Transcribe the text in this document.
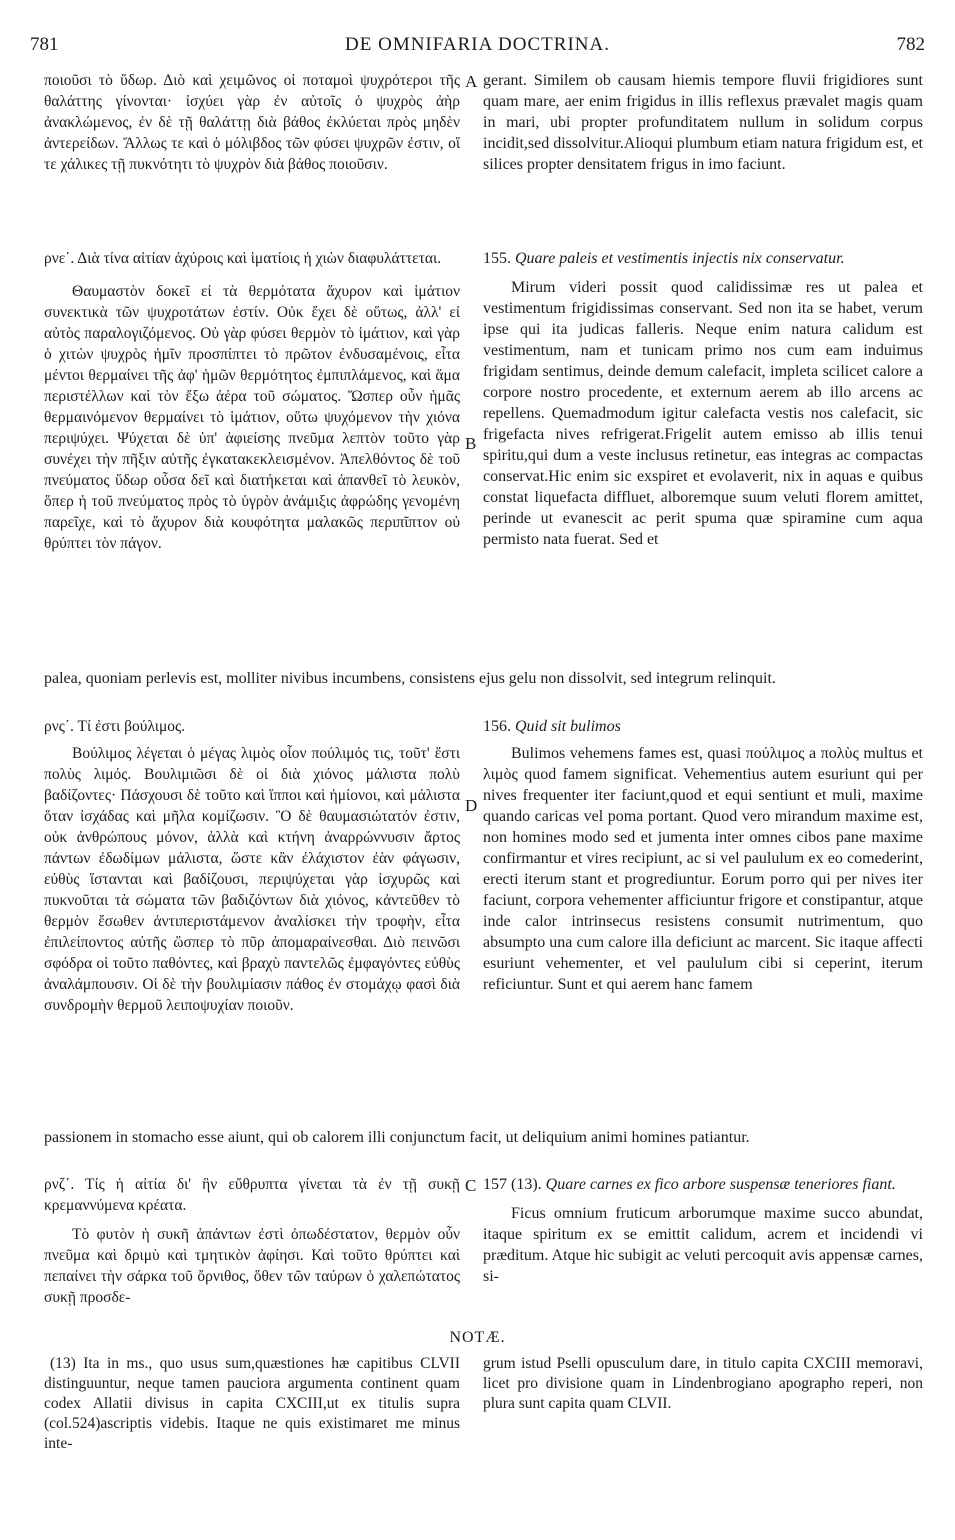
DE OMNIFARIA DOCTRINA.
781	782

ποιοῦσι τὸ ὕδωρ. Διὸ καὶ χειμῶνος οἱ ποταμοὶ ψυχρότεροι τῆς θαλάττης γίνονται· ἰσχύει γὰρ ἐν αὐτοῖς ὁ ψυχρὸς ἀὴρ ἀνακλώμενος, ἐν δὲ τῇ θαλάττῃ διὰ βάθος ἐκλύεται πρὸς μηδὲν ἀντερείδων. Ἄλλως τε καὶ ὁ μόλιβδος τῶν φύσει ψυχρῶν ἐστιν, οἵ τε χάλικες τῇ πυκνότητι τὸ ψυχρὸν διὰ βάθος ποιοῦσιν.

gerant. Similem ob causam hiemis tempore fluvii frigidiores sunt quam mare, aer enim frigidus in illis reflexus prævalet magis quam in mari, ubi propter profunditatem nullum in solidum corpus incidit,sed dissolvitur.Alioqui plumbum etiam natura frigidum est, et silices propter densitatem frigus in imo faciunt.

A

ρνε΄. Διὰ τίνα αἰτίαν ἀχύροις καὶ ἱματίοις ἡ χιὼν διαφυλάττεται.

Θαυμαστὸν δοκεῖ εἰ τὰ θερμότατα ἄχυρον καὶ ἱμάτιον συνεκτικὰ τῶν ψυχροτάτων ἐστίν. Οὐκ ἔχει δὲ οὕτως, ἀλλ' εἰ αὐτὸς παραλογιζόμενος. Οὐ γὰρ φύσει θερμὸν τὸ ἱμάτιον, καὶ γὰρ ὁ χιτὼν ψυχρὸς ἡμῖν προσπίπτει τὸ πρῶτον ἐνδυσαμένοις, εἶτα μέντοι θερμαίνει τῆς ἀφ' ἡμῶν θερμότητος ἐμπιπλάμενος, καὶ ἅμα περιστέλλων καὶ τὸν ἔξω ἀέρα τοῦ σώματος. Ὥσπερ οὖν ἡμᾶς θερμαινόμενον θερμαίνει τὸ ἱμάτιον, οὕτω ψυχόμενον τὴν χιόνα περιψύχει. Ψύχεται δὲ ὑπ' ἀφιείσης πνεῦμα λεπτὸν τοῦτο γὰρ συνέχει τὴν πῆξιν αὐτῆς ἐγκατακεκλεισμένον. Ἀπελθόντος δὲ τοῦ πνεύματος ὕδωρ οὖσα δεῖ καὶ διατήκεται καὶ ἀπανθεῖ τὸ λευκὸν, ὅπερ ἡ τοῦ πνεύματος πρὸς τὸ ὑγρὸν ἀνάμιξις ἀφρώδης γενομένη παρεῖχε, καὶ τὸ ἄχυρον διὰ κουφότητα μαλακῶς περιπῖπτον οὐ θρύπτει τὸν πάγον.

155. Quare paleis et vestimentis injectis nix conservatur.

Mirum videri possit quod calidissimæ res ut palea et vestimentum frigidissimas conservant. Sed non ita se habet, verum ipse qui ita judicas falleris. Neque enim natura calidum est vestimentum, nam et tunicam primo nos cum eam induimus frigidam sentimus, deinde demum calefacit, impleta scilicet calore a corpore nostro procedente, et externum aerem ab illo arcens ac repellens. Quemadmodum igitur calefacta vestis nos calefacit, sic frigefacta nives refrigerat.Frigelit autem emisso ab illis tenui spiritu,qui dum a veste inclusus retinetur, eas integras ac compactas conservat.Hic enim sic exspiret et evolaverit, nix in aquas e quibus constat liquefacta diffluet, alboremque suum veluti florem amittet, perinde ut evanescit ac perit spuma quæ spiramine cum aqua permisto nata fuerat. Sed et

B

palea, quoniam perlevis est, molliter nivibus incumbens, consistens ejus gelu non dissolvit, sed integrum relinquit.

ρνς΄. Τί ἐστι βούλιμος.

Βούλιμος λέγεται ὁ μέγας λιμὸς οἷον πούλιμός τις, τοῦτ' ἔστι πολὺς λιμός. Βουλιμιῶσι δὲ οἱ διὰ χιόνος μάλιστα πολὺ βαδίζοντες· Πάσχουσι δὲ τοῦτο καὶ ἵπποι καὶ ἡμίονοι, καὶ μάλιστα ὅταν ἰσχάδας καὶ μῆλα κομίζωσιν. Ὃ δὲ θαυμασιώτατόν ἐστιν, οὐκ ἀνθρώπους μόνον, ἀλλὰ καὶ κτήνη ἀναρρώννυσιν ἄρτος πάντων ἐδωδίμων μάλιστα, ὥστε κἂν ἐλάχιστον ἐὰν φάγωσιν, εὐθὺς ἵστανται καὶ βαδίζουσι, περιψύχεται γὰρ ἰσχυρῶς καὶ πυκνοῦται τὰ σώματα τῶν βαδιζόντων διὰ χιόνος, κἀντεῦθεν τὸ θερμὸν ἔσωθεν ἀντιπεριστάμενον ἀναλίσκει τὴν τροφὴν, εἶτα ἐπιλείποντος αὐτῆς ὥσπερ τὸ πῦρ ἀπομαραίνεσθαι. Διὸ πεινῶσι σφόδρα οἱ τοῦτο παθόντες, καὶ βραχὺ παντελῶς ἐμφαγόντες εὐθὺς ἀναλάμπουσιν. Οἱ δὲ τὴν βουλιμίασιν πάθος ἐν στομάχῳ φασὶ διὰ συνδρομὴν θερμοῦ λειποψυχίαν ποιοῦν.

156. Quid sit bulimos

Bulimos vehemens fames est, quasi πούλιμος a πολὺς multus et λιμὸς quod famem significat. Vehementius autem esuriunt qui per nives frequenter iter faciunt,quod et equi sentiunt et muli, maxime quando caricas vel poma portant. Quod vero mirandum maxime est, non homines modo sed et jumenta inter omnes cibos pane maxime confirmantur et vires recipiunt, ac si vel paululum ex eo comederint, erecti iterum stant et progrediuntur. Eorum porro qui per nives iter faciunt, corpora vehementer afficiuntur frigore et constipantur, atque inde calor intrinsecus resistens consumit nutrimentum, quo absumpto una cum calore illa deficiunt ac marcent. Sic itaque affecti esuriunt vehementer, et vel paululum cibi si ceperint, iterum reficiuntur. Sunt et qui aerem hanc famem

D

passionem in stomacho esse aiunt, qui ob calorem illi conjunctum facit, ut deliquium animi homines patiantur.

ρνζ΄. Τίς ἡ αἰτία δι' ἣν εὔθρυπτα γίνεται τὰ ἐν τῇ συκῇ κρεμαννύμενα κρέατα.

Τὸ φυτὸν ἡ συκῆ ἁπάντων ἐστὶ ὀπωδέστατον, θερμὸν οὖν πνεῦμα καὶ δριμὺ καὶ τμητικὸν ἀφίησι. Καὶ τοῦτο θρύπτει καὶ πεπαίνει τὴν σάρκα τοῦ ὄρνιθος, ὅθεν τῶν ταύρων ὁ χαλεπώτατος συκῇ προσδε-

157 (13). Quare carnes ex fico arbore suspensæ teneriores fiant.

Ficus omnium fruticum arborumque maxime succo abundat, itaque spiritum ex se emittit calidum, acrem et incidendi vi præditum. Atque hic subigit ac veluti percoquit avis appensæ carnes, si-

C
NOTÆ.

(13) Ita in ms., quo usus sum,quæstiones hæ capitibus CLVII distinguuntur, neque tamen pauciora argumenta continent quam codex Allatii divisus in capita CXCIII,ut ex titulis supra (col.524)ascriptis videbis. Itaque ne quis existimaret me minus inte-

grum istud Pselli opusculum dare, in titulo capita CXCIII memoravi, licet pro divisione quam in Lindenbrogiano apographo reperi, non plura sunt capita quam CLVII.
